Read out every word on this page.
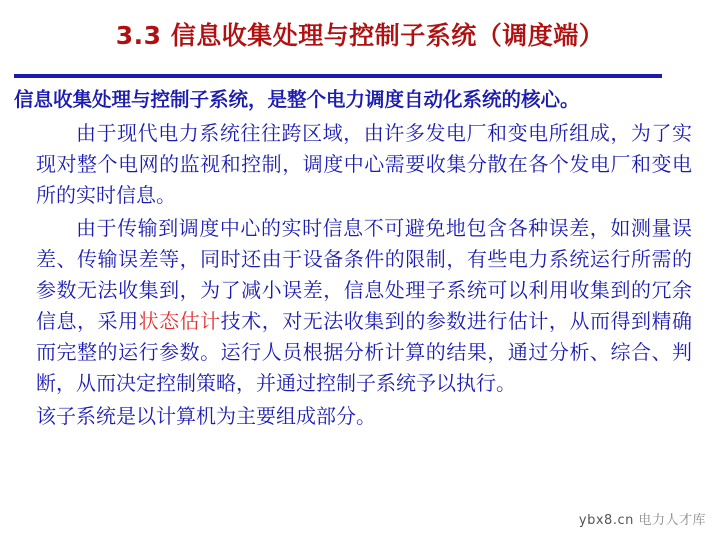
3.3 信息收集处理与控制子系统（调度端）
信息收集处理与控制子系统，是整个电力调度自动化系统的核心。

由于现代电力系统往往跨区域，由许多发电厂和变电所组成，为了实现对整个电网的监视和控制，调度中心需要收集分散在各个发电厂和变电所的实时信息。

由于传输到调度中心的实时信息不可避免地包含各种误差，如测量误差、传输误差等，同时还由于设备条件的限制，有些电力系统运行所需的参数无法收集到，为了减小误差，信息处理子系统可以利用收集到的冗余信息，采用状态估计技术，对无法收集到的参数进行估计，从而得到精确而完整的运行参数。运行人员根据分析计算的结果，通过分析、综合、判断，从而决定控制策略，并通过控制子系统予以执行。

该子系统是以计算机为主要组成部分。

ybx8.cn 电力人才库
